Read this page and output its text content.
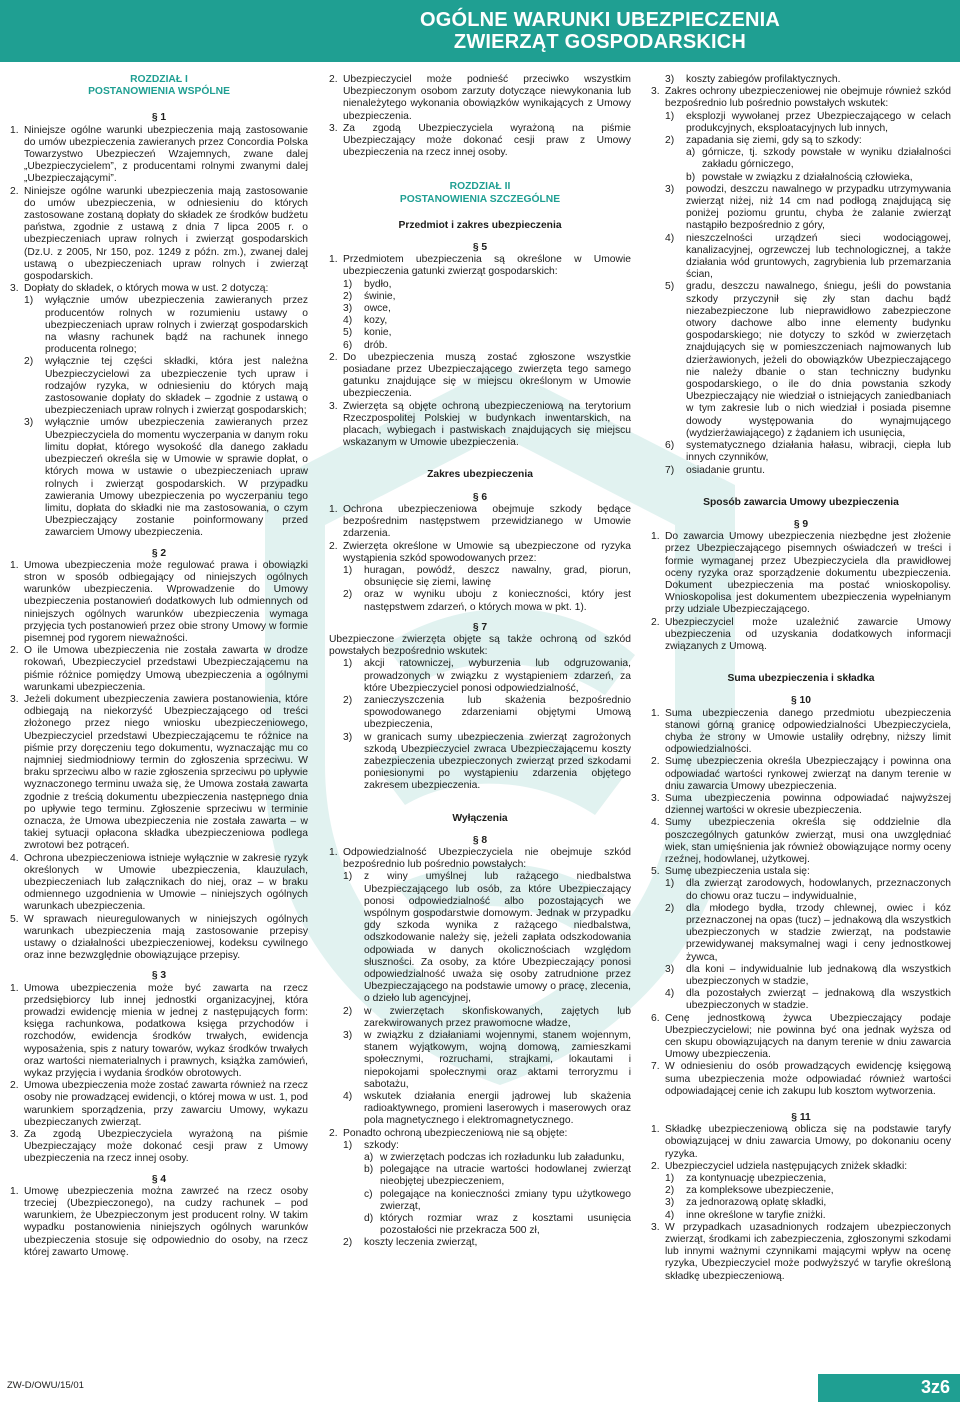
OGÓLNE WARUNKI UBEZPIECZENIA
ZWIERZĄT GOSPODARSKICH
ROZDZIAŁ I
POSTANOWIENIA WSPÓLNE
§ 1
1. Niniejsze ogólne warunki ubezpieczenia mają zastosowanie do umów ubezpieczenia zawieranych przez Concordia Polska Towarzystwo Ubezpieczeń Wzajemnych, zwane dalej „Ubezpieczycielem”, z producentami rolnymi zwanymi dalej „Ubezpieczającymi”.
2. Niniejsze ogólne warunki ubezpieczenia mają zastosowanie do umów ubezpieczenia, w odniesieniu do których zastosowane zostaną dopłaty do składek ze środków budżetu państwa, zgodnie z ustawą z dnia 7 lipca 2005 r. o ubezpieczeniach upraw rolnych i zwierząt gospodarskich (Dz.U. z 2005, Nr 150, poz. 1249 z późn. zm.), zwanej dalej ustawą o ubezpieczeniach upraw rolnych i zwierząt gospodarskich.
3. Dopłaty do składek, o których mowa w ust. 2 dotyczą:
1)	wyłącznie umów ubezpieczenia zawieranych przez producentów rolnych w rozumieniu ustawy o ubezpieczeniach upraw rolnych i zwierząt gospodarskich na własny rachunek bądź na rachunek innego producenta rolnego;
2)	wyłącznie tej części składki, która jest należna Ubezpieczycielowi za ubezpieczenie tych upraw i rodzajów ryzyka, w odniesieniu do których mają zastosowanie dopłaty do składek – zgodnie z ustawą o ubezpieczeniach upraw rolnych i zwierząt gospodarskich;
3)	wyłącznie umów ubezpieczenia zawieranych przez Ubezpieczyciela do momentu wyczerpania w danym roku limitu dopłat, którego wysokość dla danego zakładu ubezpieczeń określa się w Umowie w sprawie dopłat, o których mowa w ustawie o ubezpieczeniach upraw rolnych i zwierząt gospodarskich. W przypadku zawierania Umowy ubezpieczenia po wyczerpaniu tego limitu, dopłata do składki nie ma zastosowania, o czym Ubezpieczający zostanie poinformowany przed zawarciem Umowy ubezpieczenia.
§ 2
1. Umowa ubezpieczenia może regulować prawa i obowiązki stron w sposób odbiegający od niniejszych ogólnych warunków ubezpieczenia. Wprowadzenie do Umowy ubezpieczenia postanowień dodatkowych lub odmiennych od niniejszych ogólnych warunków ubezpieczenia wymaga przyjęcia tych postanowień przez obie strony Umowy w formie pisemnej pod rygorem nieważności.
2. O ile Umowa ubezpieczenia nie została zawarta w drodze rokowań, Ubezpieczyciel przedstawi Ubezpieczającemu na piśmie różnice pomiędzy Umową ubezpieczenia a ogólnymi warunkami ubezpieczenia.
3. Jeżeli dokument ubezpieczenia zawiera postanowienia, które odbiegają na niekorzyść Ubezpieczającego od treści złożonego przez niego wniosku ubezpieczeniowego, Ubezpieczyciel przedstawi Ubezpieczającemu te różnice na piśmie przy doręczeniu tego dokumentu, wyznaczając mu co najmniej siedmiodniowy termin do zgłoszenia sprzeciwu. W braku sprzeciwu albo w razie zgłoszenia sprzeciwu po upływie wyznaczonego terminu uważa się, że Umowa została zawarta zgodnie z treścią dokumentu ubezpieczenia następnego dnia po upływie tego terminu. Zgłoszenie sprzeciwu w terminie oznacza, że Umowa ubezpieczenia nie została zawarta – w takiej sytuacji opłacona składka ubezpieczeniowa podlega zwrotowi bez potrąceń.
4. Ochrona ubezpieczeniowa istnieje wyłącznie w zakresie ryzyk określonych w Umowie ubezpieczenia, klauzulach, ubezpieczeniach lub załącznikach do niej, oraz – w braku odmiennego uzgodnienia w Umowie – niniejszych ogólnych warunkach ubezpieczenia.
5. W sprawach nieuregulowanych w niniejszych ogólnych warunkach ubezpieczenia mają zastosowanie przepisy ustawy o działalności ubezpieczeniowej, kodeksu cywilnego oraz inne bezwzględnie obowiązujące przepisy.
§ 3
1. Umowa ubezpieczenia może być zawarta na rzecz przedsiębiorcy lub innej jednostki organizacyjnej, która prowadzi ewidencję mienia w jednej z następujących form: księga rachunkowa, podatkowa księga przychodów i rozchodów, ewidencja środków trwałych, ewidencja wyposażenia, spis z natury towarów, wykaz środków trwałych oraz wartości niematerialnych i prawnych, książka zamówień, wykaz przyjęcia i wydania środków obrotowych.
2. Umowa ubezpieczenia może zostać zawarta również na rzecz osoby nie prowadzącej ewidencji, o której mowa w ust. 1, pod warunkiem sporządzenia, przy zawarciu Umowy, wykazu ubezpieczanych zwierząt.
3. Za zgodą Ubezpieczyciela wyrażoną na piśmie Ubezpieczający może dokonać cesji praw z Umowy ubezpieczenia na rzecz innej osoby.
§ 4
1. Umowę ubezpieczenia można zawrzeć na rzecz osoby trzeciej (Ubezpieczonego), na cudzy rachunek – pod warunkiem, że Ubezpieczonym jest producent rolny. W takim wypadku postanowienia niniejszych ogólnych warunków ubezpieczenia stosuje się odpowiednio do osoby, na rzecz której zawarto Umowę.
2. Ubezpieczyciel może podnieść przeciwko wszystkim Ubezpieczonym osobom zarzuty dotyczące niewykonania lub nienależytego wykonania obowiązków wynikających z Umowy ubezpieczenia.
3. Za zgodą Ubezpieczyciela wyrażoną na piśmie Ubezpieczający może dokonać cesji praw z Umowy ubezpieczenia na rzecz innej osoby.
ROZDZIAŁ II
POSTANOWIENIA SZCZEGÓLNE
Przedmiot i zakres ubezpieczenia
§ 5
1. Przedmiotem ubezpieczenia są określone w Umowie ubezpieczenia gatunki zwierząt gospodarskich:
1)	bydło,
2)	świnie,
3)	owce,
4)	kozy,
5)	konie,
6)	drób.
2. Do ubezpieczenia muszą zostać zgłoszone wszystkie posiadane przez Ubezpieczającego zwierzęta tego samego gatunku znajdujące się w miejscu określonym w Umowie ubezpieczenia.
3. Zwierzęta są objęte ochroną ubezpieczeniową na terytorium Rzeczpospolitej Polskiej w budynkach inwentarskich, na placach, wybiegach i pastwiskach znajdujących się miejscu wskazanym w Umowie ubezpieczenia.
Zakres ubezpieczenia
§ 6
1. Ochrona ubezpieczeniowa obejmuje szkody będące bezpośrednim następstwem przewidzianego w Umowie zdarzenia.
2. Zwierzęta określone w Umowie są ubezpieczone od ryzyka wystąpienia szkód spowodowanych przez:
1)	huragan, powódź, deszcz nawalny, grad, piorun, obsunięcie się ziemi, lawinę
2)	oraz w wyniku uboju z konieczności, który jest następstwem zdarzeń, o których mowa w pkt. 1).
§ 7
Ubezpieczone zwierzęta objęte są także ochroną od szkód powstałych bezpośrednio wskutek:
1)	akcji ratowniczej, wyburzenia lub odgruzowania, prowadzonych w związku z wystąpieniem zdarzeń, za które Ubezpieczyciel ponosi odpowiedzialność,
2)	zanieczyszczenia lub skażenia bezpośrednio spowodowanego zdarzeniami objętymi Umową ubezpieczenia,
3)	w granicach sumy ubezpieczenia zwierząt zagrożonych szkodą Ubezpieczyciel zwraca Ubezpieczającemu koszty zabezpieczenia ubezpieczonych zwierząt przed szkodami poniesionymi po wystąpieniu zdarzenia objętego zakresem ubezpieczenia.
Wyłączenia
§ 8
1. Odpowiedzialność Ubezpieczyciela nie obejmuje szkód bezpośrednio lub pośrednio powstałych:
1)	z winy umyślnej lub rażącego niedbalstwa Ubezpieczającego lub osób, za które Ubezpieczający ponosi odpowiedzialność albo pozostających we wspólnym gospodarstwie domowym. Jednak w przypadku gdy szkoda wynika z rażącego niedbalstwa, odszkodowanie należy się, jeżeli zapłata odszkodowania odpowiada w danych okolicznościach względom słuszności. Za osoby, za które Ubezpieczający ponosi odpowiedzialność uważa się osoby zatrudnione przez Ubezpieczającego na podstawie umowy o pracę, zlecenia, o dzieło lub agencyjnej,
2)	w zwierzętach skonfiskowanych, zajętych lub zarekwirowanych przez prawomocne władze,
3)	w związku z działaniami wojennymi, stanem wojennym, stanem wyjątkowym, wojną domową, zamieszkami społecznymi, rozruchami, strajkami, lokautami i niepokojami społecznymi oraz aktami terroryzmu i sabotażu,
4)	wskutek działania energii jądrowej lub skażenia radioaktywnego, promieni laserowych i maserowych oraz pola magnetycznego i elektromagnetycznego.
2. Ponadto ochroną ubezpieczeniową nie są objęte:
1)	szkody:
a) w zwierzętach podczas ich rozładunku lub załadunku,
b) polegające na utracie wartości hodowlanej zwierząt nieobjętej ubezpieczeniem,
c) polegające na konieczności zmiany typu użytkowego zwierząt,
d) których rozmiar wraz z kosztami usunięcia pozostałości nie przekracza 500 zł,
2)	koszty leczenia zwierząt,
3)	koszty zabiegów profilaktycznych.
3. Zakres ochrony ubezpieczeniowej nie obejmuje również szkód bezpośrednio lub pośrednio powstałych wskutek:
1)	eksplozji wywołanej przez Ubezpieczającego w celach produkcyjnych, eksploatacyjnych lub innych,
2)	zapadania się ziemi, gdy są to szkody:
a) górnicze, tj. szkody powstałe w wyniku działalności zakładu górniczego,
b) powstałe w związku z działalnością człowieka,
3)	powodzi, deszczu nawalnego w przypadku utrzymywania zwierząt niżej, niż 14 cm nad podłogą znajdującą się poniżej poziomu gruntu, chyba że zalanie zwierząt nastąpiło bezpośrednio z góry,
4)	nieszczelności urządzeń sieci wodociągowej, kanalizacyjnej, ogrzewczej lub technologicznej, a także działania wód gruntowych, zagrybienia lub przemarzania ścian,
5)	gradu, deszczu nawalnego, śniegu, jeśli do powstania szkody przyczynił się zły stan dachu bądź niezabezpieczone lub nieprawidłowo zabezpieczone otwory dachowe albo inne elementy budynku gospodarskiego; nie dotyczy to szkód w zwierzętach znajdujących się w pomieszczeniach najmowanych lub dzierżawionych, jeżeli do obowiązków Ubezpieczającego nie należy dbanie o stan techniczny budynku gospodarskiego, o ile do dnia powstania szkody Ubezpieczający nie wiedział o istniejących zaniedbaniach w tym zakresie lub o nich wiedział i posiada pisemne dowody występowania do wynajmującego (wydzierżawiającego) z żądaniem ich usunięcia,
6)	systematycznego działania hałasu, wibracji, ciepła lub innych czynników,
7)	osiadanie gruntu.
Sposób zawarcia Umowy ubezpieczenia
§ 9
1. Do zawarcia Umowy ubezpieczenia niezbędne jest złożenie przez Ubezpieczającego pisemnych oświadczeń w treści i formie wymaganej przez Ubezpieczyciela dla prawidłowej oceny ryzyka oraz sporządzenie dokumentu ubezpieczenia. Dokument ubezpieczenia ma postać wnioskopolisy. Wnioskopolisa jest dokumentem ubezpieczenia wypełnianym przy udziale Ubezpieczającego.
2. Ubezpieczyciel może uzależnić zawarcie Umowy ubezpieczenia od uzyskania dodatkowych informacji związanych z Umową.
Suma ubezpieczenia i składka
§ 10
1. Suma ubezpieczenia danego przedmiotu ubezpieczenia stanowi górną granicę odpowiedzialności Ubezpieczyciela, chyba że strony w Umowie ustaliły odrębny, niższy limit odpowiedzialności.
2. Sumę ubezpieczenia określa Ubezpieczający i powinna ona odpowiadać wartości rynkowej zwierząt na danym terenie w dniu zawarcia Umowy ubezpieczenia.
3. Suma ubezpieczenia powinna odpowiadać najwyższej dziennej wartości w okresie ubezpieczenia.
4. Sumy ubezpieczenia określa się oddzielnie dla poszczególnych gatunków zwierząt, musi ona uwzględniać wiek, stan umięśnienia jak również obowiązujące normy oceny rzeźnej, hodowlanej, użytkowej.
5. Sumę ubezpieczenia ustala się:
1)	dla zwierząt zarodowych, hodowlanych, przeznaczonych do chowu oraz tuczu – indywidualnie,
2)	dla młodego bydła, trzody chlewnej, owiec i kóz przeznaczonej na opas (tucz) – jednakową dla wszystkich ubezpieczonych w stadzie zwierząt, na podstawie przewidywanej maksymalnej wagi i ceny jednostkowej żywca,
3)	dla koni – indywidualnie lub jednakową dla wszystkich ubezpieczonych w stadzie,
4)	dla pozostałych zwierząt – jednakową dla wszystkich ubezpieczonych w stadzie.
6. Cenę jednostkową żywca Ubezpieczający podaje Ubezpieczycielowi; nie powinna być ona jednak wyższa od cen skupu obowiązujących na danym terenie w dniu zawarcia Umowy ubezpieczenia.
7. W odniesieniu do osób prowadzących ewidencję księgową suma ubezpieczenia może odpowiadać również wartości odpowiadającej cenie ich zakupu lub kosztom wytworzenia.
§ 11
1. Składkę ubezpieczeniową oblicza się na podstawie taryfy obowiązującej w dniu zawarcia Umowy, po dokonaniu oceny ryzyka.
2. Ubezpieczyciel udziela następujących zniżek składki:
1)	za kontynuację ubezpieczenia,
2)	za kompleksowe ubezpieczenie,
3)	za jednorazową opłatę składki,
4)	inne określone w taryfie zniżki.
3. W przypadkach uzasadnionych rodzajem ubezpieczonych zwierząt, środkami ich zabezpieczenia, zgłoszonymi szkodami lub innymi ważnymi czynnikami mającymi wpływ na ocenę ryzyka, Ubezpieczyciel może podwyższyć w taryfie określoną składkę ubezpieczeniową.
ZW-D/OWU/15/01	3z6
